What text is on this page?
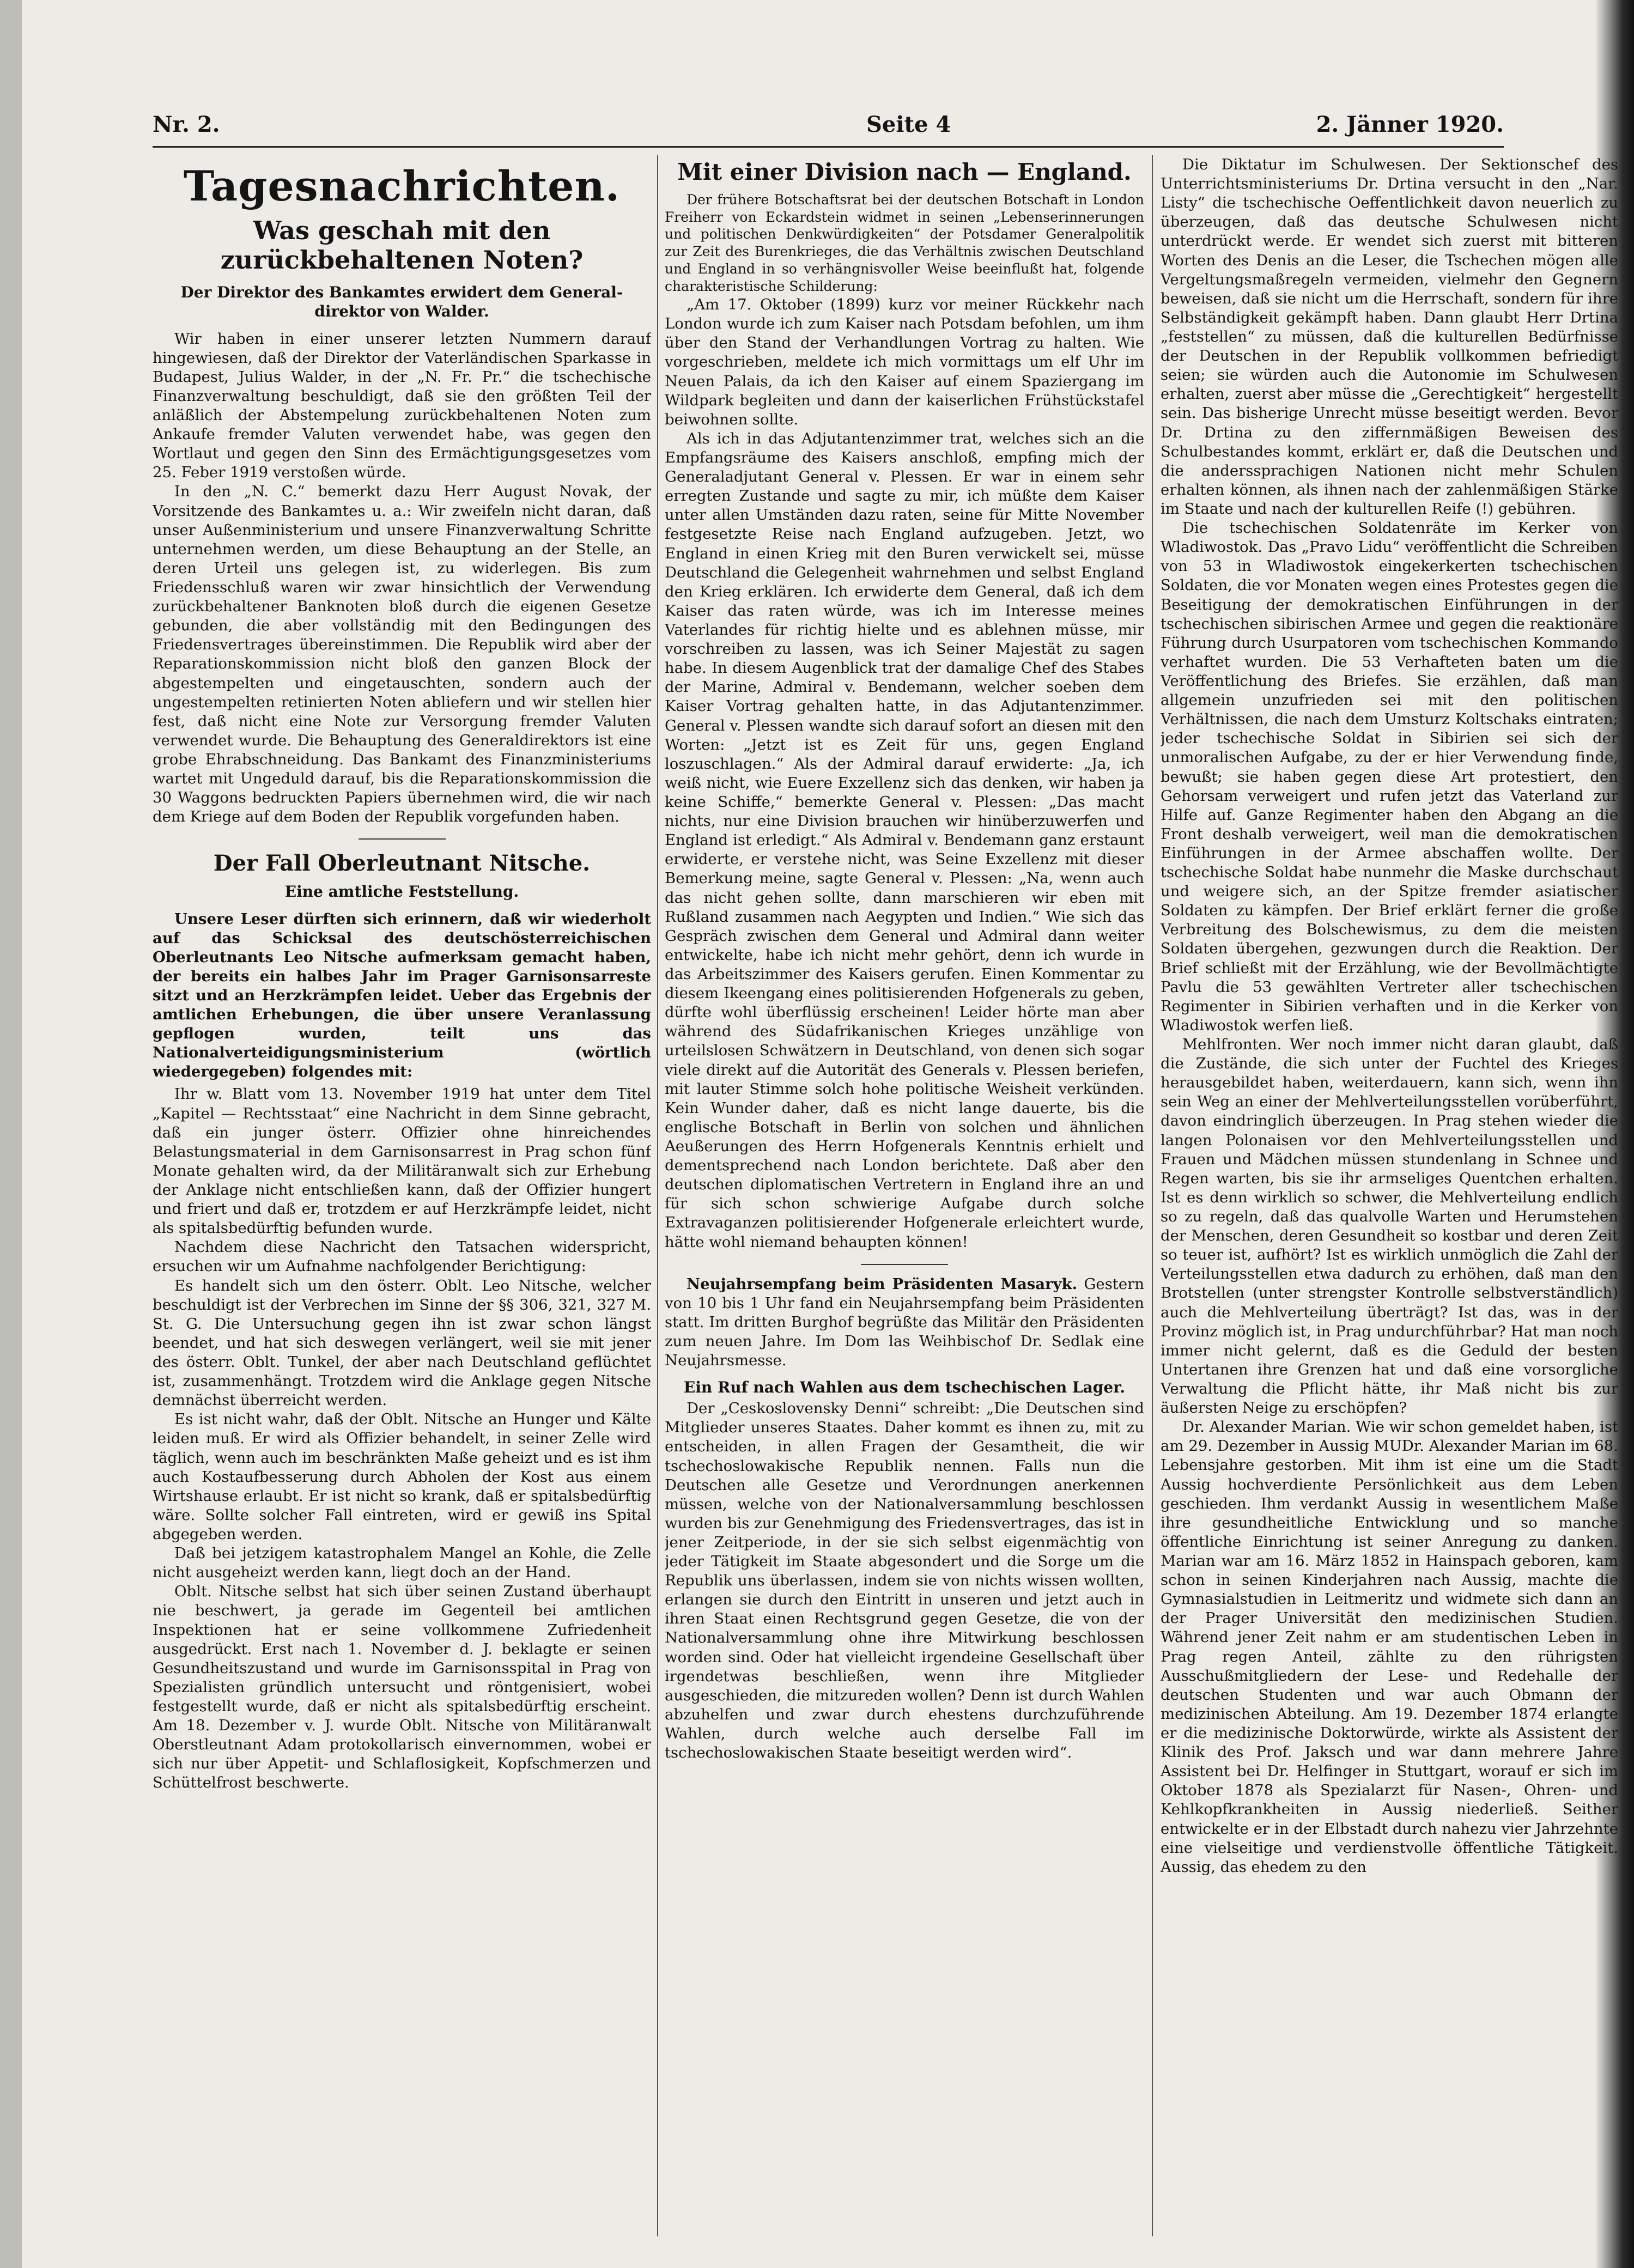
Nr. 2.	Seite 4	2. Jänner 1920.
Tagesnachrichten.
Was geschah mit den zurückbehaltenen Noten?
Der Direktor des Bankamtes erwidert dem General-direktor von Walder.

Wir haben in einer unserer letzten Nummern darauf hingewiesen, daß der Direktor der Vaterländischen Sparkasse in Budapest, Julius Walder, in der „N. Fr. Pr.“ die tschechische Finanzverwaltung beschuldigt, daß sie den größten Teil der anläßlich der Abstempelung zurückbehaltenen Noten zum Ankaufe fremder Valuten verwendet habe, was gegen den Wortlaut und gegen den Sinn des Ermächtigungsgesetzes vom 25. Feber 1919 verstoßen würde.

In den „N. C.“ bemerkt dazu Herr August Novak, der Vorsitzende des Bankamtes u. a.: Wir zweifeln nicht daran, daß unser Außenministerium und unsere Finanzverwaltung Schritte unternehmen werden, um diese Behauptung an der Stelle, an deren Urteil uns gelegen ist, zu widerlegen. Bis zum Friedensschluß waren wir zwar hinsichtlich der Verwendung zurückbehaltener Banknoten bloß durch die eigenen Gesetze gebunden, die aber vollständig mit den Bedingungen des Friedensvertrages übereinstimmen. Die Republik wird aber der Reparationskommission nicht bloß den ganzen Block der abgestempelten und eingetauschten, sondern auch der ungestempelten retinierten Noten abliefern und wir stellen hier fest, daß nicht eine Note zur Versorgung fremder Valuten verwendet wurde. Die Behauptung des Generaldirektors ist eine grobe Ehrabschneidung. Das Bankamt des Finanzministeriums wartet mit Ungeduld darauf, bis die Reparationskommission die 30 Waggons bedruckten Papiers übernehmen wird, die wir nach dem Kriege auf dem Boden der Republik vorgefunden haben.

Der Fall Oberleutnant Nitsche.
Eine amtliche Feststellung.

Unsere Leser dürften sich erinnern, daß wir wiederholt auf das Schicksal des deutschösterreichischen Oberleutnants Leo Nitsche aufmerksam gemacht haben, der bereits ein halbes Jahr im Prager Garnisonsarreste sitzt und an Herzkrämpfen leidet. Ueber das Ergebnis der amtlichen Erhebungen, die über unsere Veranlassung gepflogen wurden, teilt uns das Nationalverteidigungsministerium (wörtlich wiedergegeben) folgendes mit:

Ihr w. Blatt vom 13. November 1919 hat unter dem Titel „Kapitel — Rechtsstaat“ eine Nachricht in dem Sinne gebracht, daß ein junger österr. Offizier ohne hinreichendes Belastungsmaterial in dem Garnisonsarrest in Prag schon fünf Monate gehalten wird, da der Militäranwalt sich zur Erhebung der Anklage nicht entschließen kann, daß der Offizier hungert und friert und daß er, trotzdem er auf Herzkrämpfe leidet, nicht als spitalsbedürftig befunden wurde.

Nachdem diese Nachricht den Tatsachen widerspricht, ersuchen wir um Aufnahme nachfolgender Berichtigung:

Es handelt sich um den österr. Oblt. Leo Nitsche, welcher beschuldigt ist der Verbrechen im Sinne der §§ 306, 321, 327 M. St. G. Die Untersuchung gegen ihn ist zwar schon längst beendet, und hat sich deswegen verlängert, weil sie mit jener des österr. Oblt. Tunkel, der aber nach Deutschland geflüchtet ist, zusammenhängt. Trotzdem wird die Anklage gegen Nitsche demnächst überreicht werden.

Es ist nicht wahr, daß der Oblt. Nitsche an Hunger und Kälte leiden muß. Er wird als Offizier behandelt, in seiner Zelle wird täglich, wenn auch im beschränkten Maße geheizt und es ist ihm auch Kostaufbesserung durch Abholen der Kost aus einem Wirtshause erlaubt. Er ist nicht so krank, daß er spitalsbedürftig wäre. Sollte solcher Fall eintreten, wird er gewiß ins Spital abgegeben werden.

Daß bei jetzigem katastrophalem Mangel an Kohle, die Zelle nicht ausgeheizt werden kann, liegt doch an der Hand.

Oblt. Nitsche selbst hat sich über seinen Zustand überhaupt nie beschwert, ja gerade im Gegenteil bei amtlichen Inspektionen hat er seine vollkommene Zufriedenheit ausgedrückt. Erst nach 1. November d. J. beklagte er seinen Gesundheitszustand und wurde im Garnisonsspital in Prag von Spezialisten gründlich untersucht und röntgenisiert, wobei festgestellt wurde, daß er nicht als spitalsbedürftig erscheint. Am 18. Dezember v. J. wurde Oblt. Nitsche von Militäranwalt Oberstleutnant Adam protokollarisch einvernommen, wobei er sich nur über Appetit- und Schlaflosigkeit, Kopfschmerzen und Schüttelfrost beschwerte.

Mit einer Division nach — England.

Der frühere Botschaftsrat bei der deutschen Botschaft in London Freiherr von Eckardstein widmet in seinen „Lebenserinnerungen und politischen Denkwürdigkeiten“ der Potsdamer Generalpolitik zur Zeit des Burenkrieges, die das Verhältnis zwischen Deutschland und England in so verhängnisvoller Weise beeinflußt hat, folgende charakteristische Schilderung:

„Am 17. Oktober (1899) kurz vor meiner Rückkehr nach London wurde ich zum Kaiser nach Potsdam befohlen, um ihm über den Stand der Verhandlungen Vortrag zu halten. Wie vorgeschrieben, meldete ich mich vormittags um elf Uhr im Neuen Palais, da ich den Kaiser auf einem Spaziergang im Wildpark begleiten und dann der kaiserlichen Frühstückstafel beiwohnen sollte.

Als ich in das Adjutantenzimmer trat, welches sich an die Empfangsräume des Kaisers anschloß, empfing mich der Generaladjutant General v. Plessen. Er war in einem sehr erregten Zustande und sagte zu mir, ich müßte dem Kaiser unter allen Umständen dazu raten, seine für Mitte November festgesetzte Reise nach England aufzugeben. Jetzt, wo England in einen Krieg mit den Buren verwickelt sei, müsse Deutschland die Gelegenheit wahrnehmen und selbst England den Krieg erklären. Ich erwiderte dem General, daß ich dem Kaiser das raten würde, was ich im Interesse meines Vaterlandes für richtig hielte und es ablehnen müsse, mir vorschreiben zu lassen, was ich Seiner Majestät zu sagen habe. In diesem Augenblick trat der damalige Chef des Stabes der Marine, Admiral v. Bendemann, welcher soeben dem Kaiser Vortrag gehalten hatte, in das Adjutantenzimmer. General v. Plessen wandte sich darauf sofort an diesen mit den Worten: „Jetzt ist es Zeit für uns, gegen England loszuschlagen.“ Als der Admiral darauf erwiderte: „Ja, ich weiß nicht, wie Euere Exzellenz sich das denken, wir haben ja keine Schiffe,“ bemerkte General v. Plessen: „Das macht nichts, nur eine Division brauchen wir hinüberzuwerfen und England ist erledigt.“ Als Admiral v. Bendemann ganz erstaunt erwiderte, er verstehe nicht, was Seine Exzellenz mit dieser Bemerkung meine, sagte General v. Plessen: „Na, wenn auch das nicht gehen sollte, dann marschieren wir eben mit Rußland zusammen nach Aegypten und Indien.“ Wie sich das Gespräch zwischen dem General und Admiral dann weiter entwickelte, habe ich nicht mehr gehört, denn ich wurde in das Arbeitszimmer des Kaisers gerufen. Einen Kommentar zu diesem Ikeengang eines politisierenden Hofgenerals zu geben, dürfte wohl überflüssig erscheinen! Leider hörte man aber während des Südafrikanischen Krieges unzählige von urteilslosen Schwätzern in Deutschland, von denen sich sogar viele direkt auf die Autorität des Generals v. Plessen beriefen, mit lauter Stimme solch hohe politische Weisheit verkünden. Kein Wunder daher, daß es nicht lange dauerte, bis die englische Botschaft in Berlin von solchen und ähnlichen Aeußerungen des Herrn Hofgenerals Kenntnis erhielt und dementsprechend nach London berichtete. Daß aber den deutschen diplomatischen Vertretern in England ihre an und für sich schon schwierige Aufgabe durch solche Extravaganzen politisierender Hofgenerale erleichtert wurde, hätte wohl niemand behaupten können!

Neujahrsempfang beim Präsidenten Masaryk. Gestern von 10 bis 1 Uhr fand ein Neujahrsempfang beim Präsidenten statt. Im dritten Burghof begrüßte das Militär den Präsidenten zum neuen Jahre. Im Dom las Weihbischof Dr. Sedlak eine Neujahrsmesse.

Ein Ruf nach Wahlen aus dem tschechischen Lager.

Der „Ceskoslovensky Denni“ schreibt: „Die Deutschen sind Mitglieder unseres Staates. Daher kommt es ihnen zu, mit zu entscheiden, in allen Fragen der Gesamtheit, die wir tschechoslowakische Republik nennen. Falls nun die Deutschen alle Gesetze und Verordnungen anerkennen müssen, welche von der Nationalversammlung beschlossen wurden bis zur Genehmigung des Friedensvertrages, das ist in jener Zeitperiode, in der sie sich selbst eigenmächtig von jeder Tätigkeit im Staate abgesondert und die Sorge um die Republik uns überlassen, indem sie von nichts wissen wollten, erlangen sie durch den Eintritt in unseren und jetzt auch in ihren Staat einen Rechtsgrund gegen Gesetze, die von der Nationalversammlung ohne ihre Mitwirkung beschlossen worden sind. Oder hat vielleicht irgendeine Gesellschaft über irgendetwas beschließen, wenn ihre Mitglieder ausgeschieden, die mitzureden wollen? Denn ist durch Wahlen abzuhelfen und zwar durch ehestens durchzuführende Wahlen, durch welche auch derselbe Fall im tschechoslowakischen Staate beseitigt werden wird“.

Die Diktatur im Schulwesen. Der Sektionschef des Unterrichtsministeriums Dr. Drtina versucht in den „Nar. Listy“ die tschechische Oeffentlichkeit davon neuerlich zu überzeugen, daß das deutsche Schulwesen nicht unterdrückt werde. Er wendet sich zuerst mit bitteren Worten des Denis an die Leser, die Tschechen mögen alle Vergeltungsmaßregeln vermeiden, vielmehr den Gegnern beweisen, daß sie nicht um die Herrschaft, sondern für ihre Selbständigkeit gekämpft haben. Dann glaubt Herr Drtina „feststellen“ zu müssen, daß die kulturellen Bedürfnisse der Deutschen in der Republik vollkommen befriedigt seien; sie würden auch die Autonomie im Schulwesen erhalten, zuerst aber müsse die „Gerechtigkeit“ hergestellt sein. Das bisherige Unrecht müsse beseitigt werden. Bevor Dr. Drtina zu den ziffernmäßigen Beweisen des Schulbestandes kommt, erklärt er, daß die Deutschen und die anderssprachigen Nationen nicht mehr Schulen erhalten können, als ihnen nach der zahlenmäßigen Stärke im Staate und nach der kulturellen Reife (!) gebühren.

Die tschechischen Soldatenräte im Kerker von Wladiwostok. Das „Pravo Lidu“ veröffentlicht die Schreiben von 53 in Wladiwostok eingekerkerten tschechischen Soldaten, die vor Monaten wegen eines Protestes gegen die Beseitigung der demokratischen Einführungen in der tschechischen sibirischen Armee und gegen die reaktionäre Führung durch Usurpatoren vom tschechischen Kommando verhaftet wurden. Die 53 Verhafteten baten um die Veröffentlichung des Briefes. Sie erzählen, daß man allgemein unzufrieden sei mit den politischen Verhältnissen, die nach dem Umsturz Koltschaks eintraten; jeder tschechische Soldat in Sibirien sei sich der unmoralischen Aufgabe, zu der er hier Verwendung finde, bewußt; sie haben gegen diese Art protestiert, den Gehorsam verweigert und rufen jetzt das Vaterland zur Hilfe auf. Ganze Regimenter haben den Abgang an die Front deshalb verweigert, weil man die demokratischen Einführungen in der Armee abschaffen wollte. Der tschechische Soldat habe nunmehr die Maske durchschaut und weigere sich, an der Spitze fremder asiatischer Soldaten zu kämpfen. Der Brief erklärt ferner die große Verbreitung des Bolschewismus, zu dem die meisten Soldaten übergehen, gezwungen durch die Reaktion. Der Brief schließt mit der Erzählung, wie der Bevollmächtigte Pavlu die 53 gewählten Vertreter aller tschechischen Regimenter in Sibirien verhaften und in die Kerker von Wladiwostok werfen ließ.

Mehlfronten. Wer noch immer nicht daran glaubt, daß die Zustände, die sich unter der Fuchtel des Krieges herausgebildet haben, weiterdauern, kann sich, wenn ihn sein Weg an einer der Mehlverteilungsstellen vorüberführt, davon eindringlich überzeugen. In Prag stehen wieder die langen Polonaisen vor den Mehlverteilungsstellen und Frauen und Mädchen müssen stundenlang in Schnee und Regen warten, bis sie ihr armseliges Quentchen erhalten. Ist es denn wirklich so schwer, die Mehlverteilung endlich so zu regeln, daß das qualvolle Warten und Herumstehen der Menschen, deren Gesundheit so kostbar und deren Zeit so teuer ist, aufhört? Ist es wirklich unmöglich die Zahl der Verteilungsstellen etwa dadurch zu erhöhen, daß man den Brotstellen (unter strengster Kontrolle selbstverständlich) auch die Mehlverteilung überträgt? Ist das, was in der Provinz möglich ist, in Prag undurchführbar? Hat man noch immer nicht gelernt, daß es die Geduld der besten Untertanen ihre Grenzen hat und daß eine vorsorgliche Verwaltung die Pflicht hätte, ihr Maß nicht bis zur äußersten Neige zu erschöpfen?

Dr. Alexander Marian. Wie wir schon gemeldet haben, ist am 29. Dezember in Aussig MUDr. Alexander Marian im 68. Lebensjahre gestorben. Mit ihm ist eine um die Stadt Aussig hochverdiente Persönlichkeit aus dem Leben geschieden. Ihm verdankt Aussig in wesentlichem Maße ihre gesundheitliche Entwicklung und so manche öffentliche Einrichtung ist seiner Anregung zu danken. Marian war am 16. März 1852 in Hainspach geboren, kam schon in seinen Kinderjahren nach Aussig, machte die Gymnasialstudien in Leitmeritz und widmete sich dann an der Prager Universität den medizinischen Studien. Während jener Zeit nahm er am studentischen Leben in Prag regen Anteil, zählte zu den rührigsten Ausschußmitgliedern der Lese- und Redehalle der deutschen Studenten und war auch Obmann der medizinischen Abteilung. Am 19. Dezember 1874 erlangte er die medizinische Doktorwürde, wirkte als Assistent der Klinik des Prof. Jaksch und war dann mehrere Jahre Assistent bei Dr. Helfinger in Stuttgart, worauf er sich im Oktober 1878 als Spezialarzt für Nasen-, Ohren- und Kehlkopfkrankheiten in Aussig niederließ. Seither entwickelte er in der Elbstadt durch nahezu vier Jahrzehnte eine vielseitige und verdienstvolle öffentliche Tätigkeit. Aussig, das ehedem zu den
